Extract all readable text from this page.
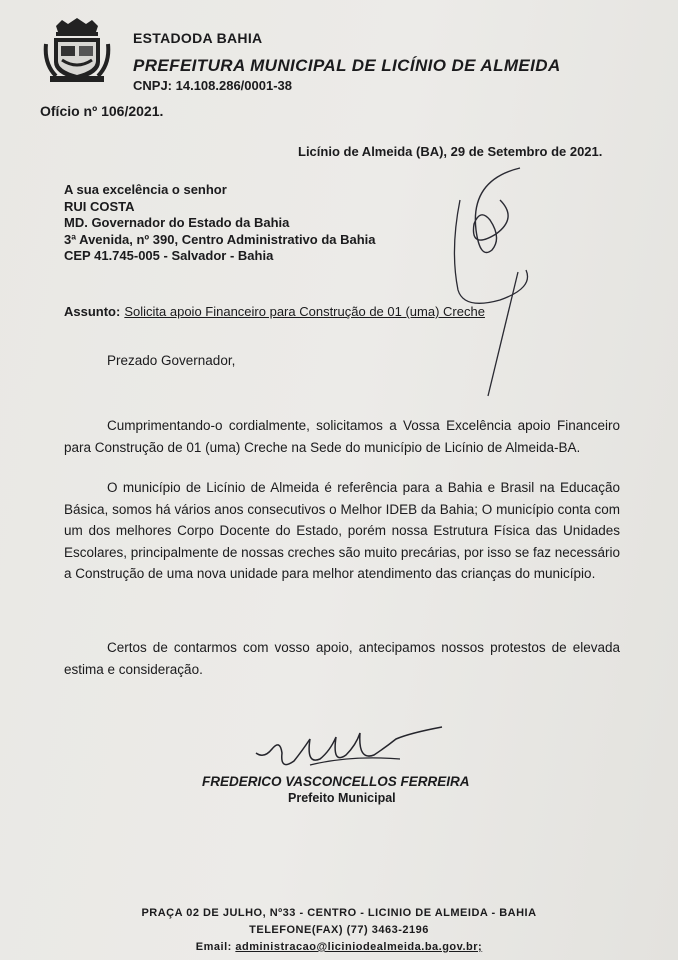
ESTADODA BAHIA
PREFEITURA MUNICIPAL DE LICÍNIO DE ALMEIDA
CNPJ: 14.108.286/0001-38
Ofício nº 106/2021.
Licínio de Almeida (BA), 29 de Setembro de 2021.
A sua excelência o senhor
RUI COSTA
MD. Governador do Estado da Bahia
3ª Avenida, nº 390, Centro Administrativo da Bahia
CEP 41.745-005 - Salvador - Bahia
Assunto: Solicita apoio Financeiro para Construção de 01 (uma) Creche
Prezado Governador,
Cumprimentando-o cordialmente, solicitamos a Vossa Excelência apoio Financeiro para Construção de 01 (uma) Creche na Sede do município de Licínio de Almeida-BA.
O município de Licínio de Almeida é referência para a Bahia e Brasil na Educação Básica, somos há vários anos consecutivos o Melhor IDEB da Bahia; O município conta com um dos melhores Corpo Docente do Estado, porém nossa Estrutura Física das Unidades Escolares, principalmente de nossas creches são muito precárias, por isso se faz necessário a Construção de uma nova unidade para melhor atendimento das crianças do município.
Certos de contarmos com vosso apoio, antecipamos nossos protestos de elevada estima e consideração.
FREDERICO VASCONCELLOS FERREIRA
Prefeito Municipal
PRAÇA 02 DE JULHO, Nº33 - CENTRO - LICINIO DE ALMEIDA - BAHIA
TELEFONE(FAX) (77) 3463-2196
Email: administracao@liciniodealmeida.ba.gov.br;
